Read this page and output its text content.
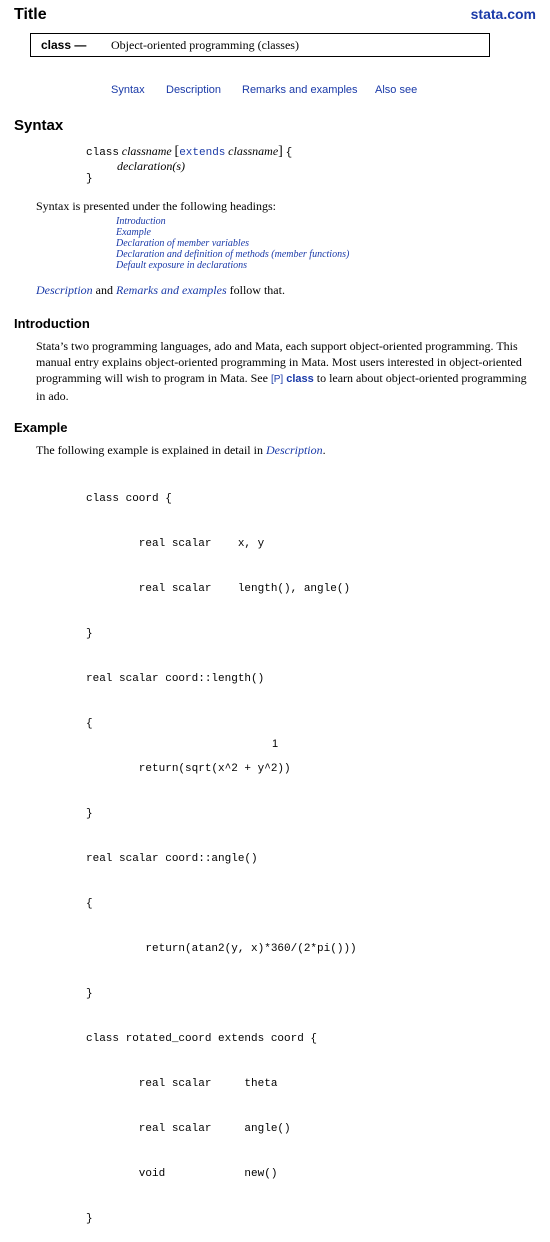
Title	stata.com
class — Object-oriented programming (classes)
Syntax Description Remarks and examples Also see
Syntax
class classname [extends classname] {
declaration(s)
}
Syntax is presented under the following headings:
Introduction
Example
Declaration of member variables
Declaration and definition of methods (member functions)
Default exposure in declarations
Description and Remarks and examples follow that.
Introduction
Stata’s two programming languages, ado and Mata, each support object-oriented programming. This
manual entry explains object-oriented programming in Mata. Most users interested in object-oriented
programming will wish to program in Mata. See [P] class to learn about object-oriented programming
in ado.
Example
The following example is explained in detail in Description.

class coord {

real scalar    x, y

real scalar    length(), angle()

}

real scalar coord::length()

{

return(sqrt(x^2 + y^2))

}

real scalar coord::angle()

{

return(atan2(y, x)*360/(2*pi()))

}

class rotated_coord extends coord {

real scalar     theta

real scalar     angle()

void            new()

}

1
